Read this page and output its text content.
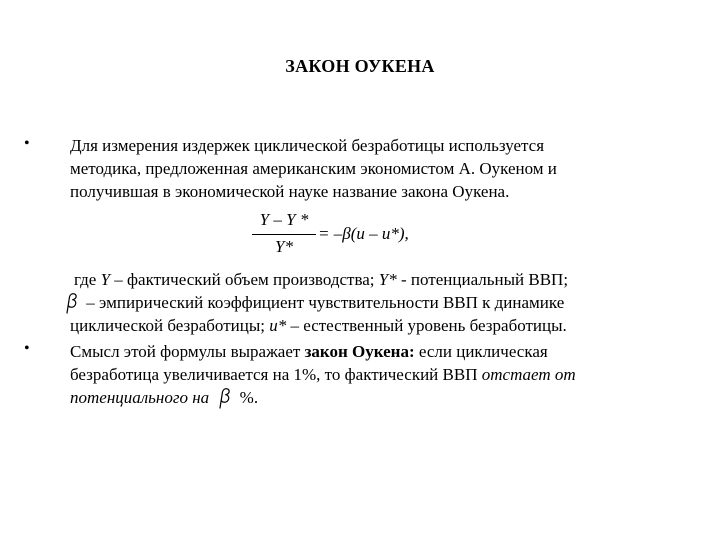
ЗАКОН ОУКЕНА
• Для измерения издержек циклической безработицы используется
методика, предложенная американским экономистом А. Оукеном и
получившая в экономической науке название закона Оукена.
Y – Y *
Y*
= –β(u – u*),
где Y – фактический объем производства; Y* - потенциальный ВВП;
– эмпирический коэффициент чувствительности ВВП к динамике
циклической безработицы; u* – естественный уровень безработицы.
• Смысл этой формулы выражает закон Оукена: если циклическая
безработица увеличивается на 1%, то фактический ВВП отстает от
потенциального на  %.
